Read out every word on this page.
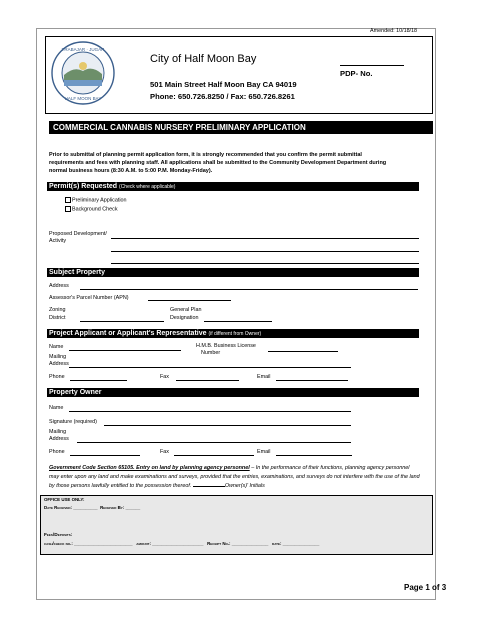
Amended: 10/18/18
TRABAJAR · JUGAR
HALF MOON BAY
City of Half Moon Bay
501 Main Street Half Moon Bay CA 94019
Phone: 650.726.8250 / Fax: 650.726.8261
PDP- No.
COMMERCIAL CANNABIS NURSERY PRELIMINARY APPLICATION
Prior to submittal of planning permit application form, it is strongly recommended that you confirm the permit submittal requirements and fees with planning staff. All applications shall be submitted to the Community Development Department during normal business hours (8:30 A.M. to 5:00 P.M. Monday-Friday).
Permit(s) Requested (Check where applicable)
Preliminary Application
Background Check
Proposed Development/
Activity
Subject Property
Address
Assessor's Parcel Number (APN)
Zoning
District
General Plan
Designation
Project Applicant or Applicant's Representative (if different from Owner)
Name	H.M.B. Business License
Number
Mailing
Address
Phone	Fax	Email
Property Owner
Name
Signature (required)
Mailing
Address
Phone	Fax	Email
Government Code Section 65105. Entry on land by planning agency personnel – In the performance of their functions, planning agency personnel may enter upon any land and make examinations and surveys, provided that the entries, examinations, and surveys do not interfere with the use of the land by those persons lawfully entitled to the possession thereof.	Owner(s)' Initials
OFFICE USE ONLY:
Date Received: __________ Received By: ______
Fees/Deposits:
cash/check no.: ________________________ amount: _____________________ Receipt No.: _______________ date: _______________
Page 1 of 3
